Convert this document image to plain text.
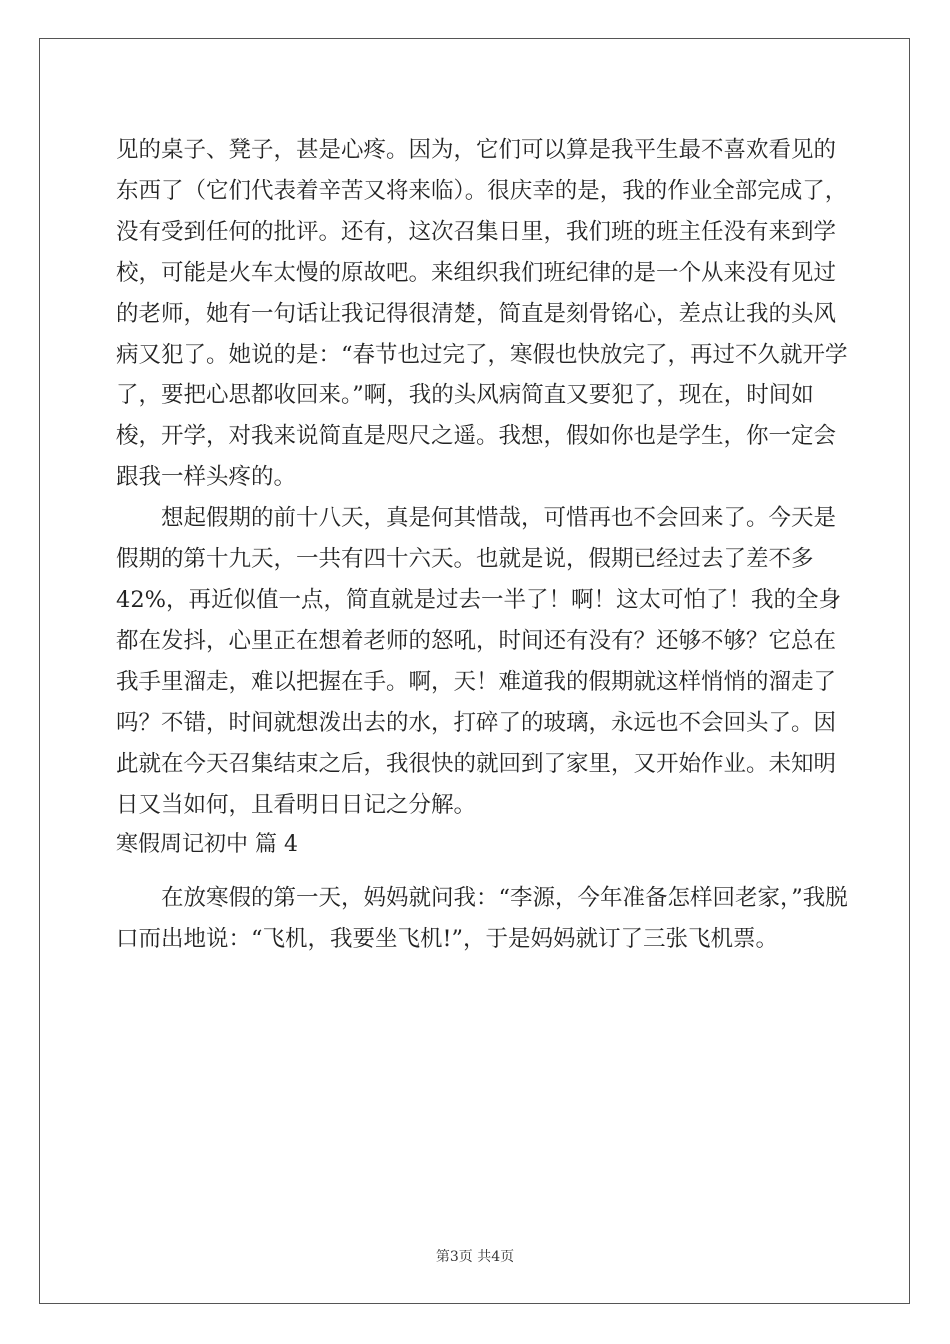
见的桌子、凳子，甚是心疼。因为，它们可以算是我平生最不喜欢看见的东西了（它们代表着辛苦又将来临）。很庆幸的是，我的作业全部完成了，没有受到任何的批评。还有，这次召集日里，我们班的班主任没有来到学校，可能是火车太慢的原故吧。来组织我们班纪律的是一个从来没有见过的老师，她有一句话让我记得很清楚，简直是刻骨铭心，差点让我的头风病又犯了。她说的是：“春节也过完了，寒假也快放完了，再过不久就开学了，要把心思都收回来。”啊，我的头风病简直又要犯了，现在，时间如梭，开学，对我来说简直是咫尺之遥。我想，假如你也是学生，你一定会跟我一样头疼的。

想起假期的前十八天，真是何其惜哉，可惜再也不会回来了。今天是假期的第十九天，一共有四十六天。也就是说，假期已经过去了差不多42%，再近似值一点，简直就是过去一半了！啊！这太可怕了！我的全身都在发抖，心里正在想着老师的怒吼，时间还有没有？还够不够？它总在我手里溜走，难以把握在手。啊，天！难道我的假期就这样悄悄的溜走了吗？不错，时间就想泼出去的水，打碎了的玻璃，永远也不会回头了。因此就在今天召集结束之后，我很快的就回到了家里，又开始作业。未知明日又当如何，且看明日日记之分解。

寒假周记初中 篇 4

在放寒假的第一天，妈妈就问我：“李源，今年准备怎样回老家，”我脱口而出地说：“飞机，我要坐飞机!”，于是妈妈就订了三张飞机票。

第3页 共4页
